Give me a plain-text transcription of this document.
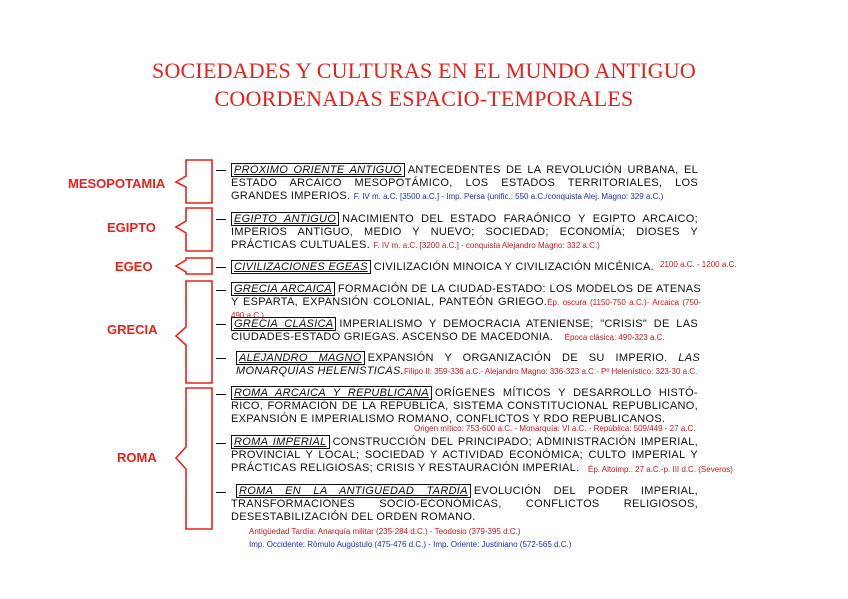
SOCIEDADES Y CULTURAS EN EL MUNDO ANTIGUO
COORDENADAS ESPACIO-TEMPORALES
MESOPOTAMIA
EGIPTO
EGEO
GRECIA
ROMA
PRÓXIMO ORIENTE ANTIGUO ANTECEDENTES DE LA REVOLUCIÓN URBANA, EL ESTADO ARCAICO MESOPOTÁMICO, LOS ESTADOS TERRITORIALES, LOS GRANDES IMPERIOS. F. IV m. a.C. [3500 a.C.] - Imp. Persa (unific.: 550 a.C./conquista Alej. Magno: 329 a.C.)
EGIPTO ANTIGUO NACIMIENTO DEL ESTADO FARAÓNICO Y EGIPTO ARCAICO; IMPERIOS ANTIGUO, MEDIO Y NUEVO; SOCIEDAD; ECONOMÍA; DIOSES Y PRÁCTICAS CULTUALES. F. IV m. a.C. [3200 a.C.] - conquista Alejandro Magno: 332 a.C.)
CIVILIZACIONES EGEAS CIVILIZACIÓN MINOICA Y CIVILIZACIÓN MICÉNICA. 2100 a.C. - 1200 a.C.
GRECIA ARCAICA FORMACIÓN DE LA CIUDAD-ESTADO: LOS MODELOS DE ATENAS Y ESPARTA, EXPANSIÓN COLONIAL, PANTEÓN GRIEGO.Ép. oscura (1150-750 a.C.)- Arcaica (750-490 a.C.)
GRECIA CLÁSICA IMPERIALISMO Y DEMOCRACIA ATENIENSE; "CRISIS" DE LAS CIUDADES-ESTADO GRIEGAS. ASCENSO DE MACEDONIA. Época clásica: 490-323 a.C.
ALEJANDRO MAGNO EXPANSIÓN Y ORGANIZACIÓN DE SU IMPERIO. LAS MONARQUÍAS HELENÍSTICAS. Filipo II: 359-336 a.C.- Alejandro Magno: 336-323 a.C.- Pº Helenístico: 323-30 a.C.
ROMA ARCAICA Y REPUBLICANA ORÍGENES MÍTICOS Y DESARROLLO HISTÓ-RICO, FORMACIÓN DE LA REPÚBLICA, SISTEMA CONSTITUCIONAL REPUBLICANO, EXPANSIÓN E IMPERIALISMO ROMANO, CONFLICTOS Y RDO REPUBLICANOS.
Origen mítico: 753-600 a.C. - Monarquía: VI a.C. - República: 509/449 - 27 a.C.
ROMA IMPERIAL CONSTRUCCIÓN DEL PRINCIPADO; ADMINISTRACIÓN IMPERIAL, PROVINCIAL Y LOCAL; SOCIEDAD Y ACTIVIDAD ECONÓMICA; CULTO IMPERIAL Y PRÁCTICAS RELIGIOSAS; CRISIS Y RESTAURACIÓN IMPERIAL.	Ép. Altoimp.: 27 a.C.-p. III d.C. (Severos)
ROMA EN LA ANTIGÜEDAD TARDÍA EVOLUCIÓN DEL PODER IMPERIAL, TRANSFORMACIONES SOCIO-ECONÓMICAS, CONFLICTOS RELIGIOSOS, DESESTABILIZACIÓN DEL ORDEN ROMANO.
Antigüedad Tardía: Anarquía militar (235-284 d.C.) - Teodosio (379-395 d.C.)
Imp. Occidente: Rómulo Augústulo (475-476 d.C.) - Imp. Oriente: Justiniano (572-565 d.C.)
